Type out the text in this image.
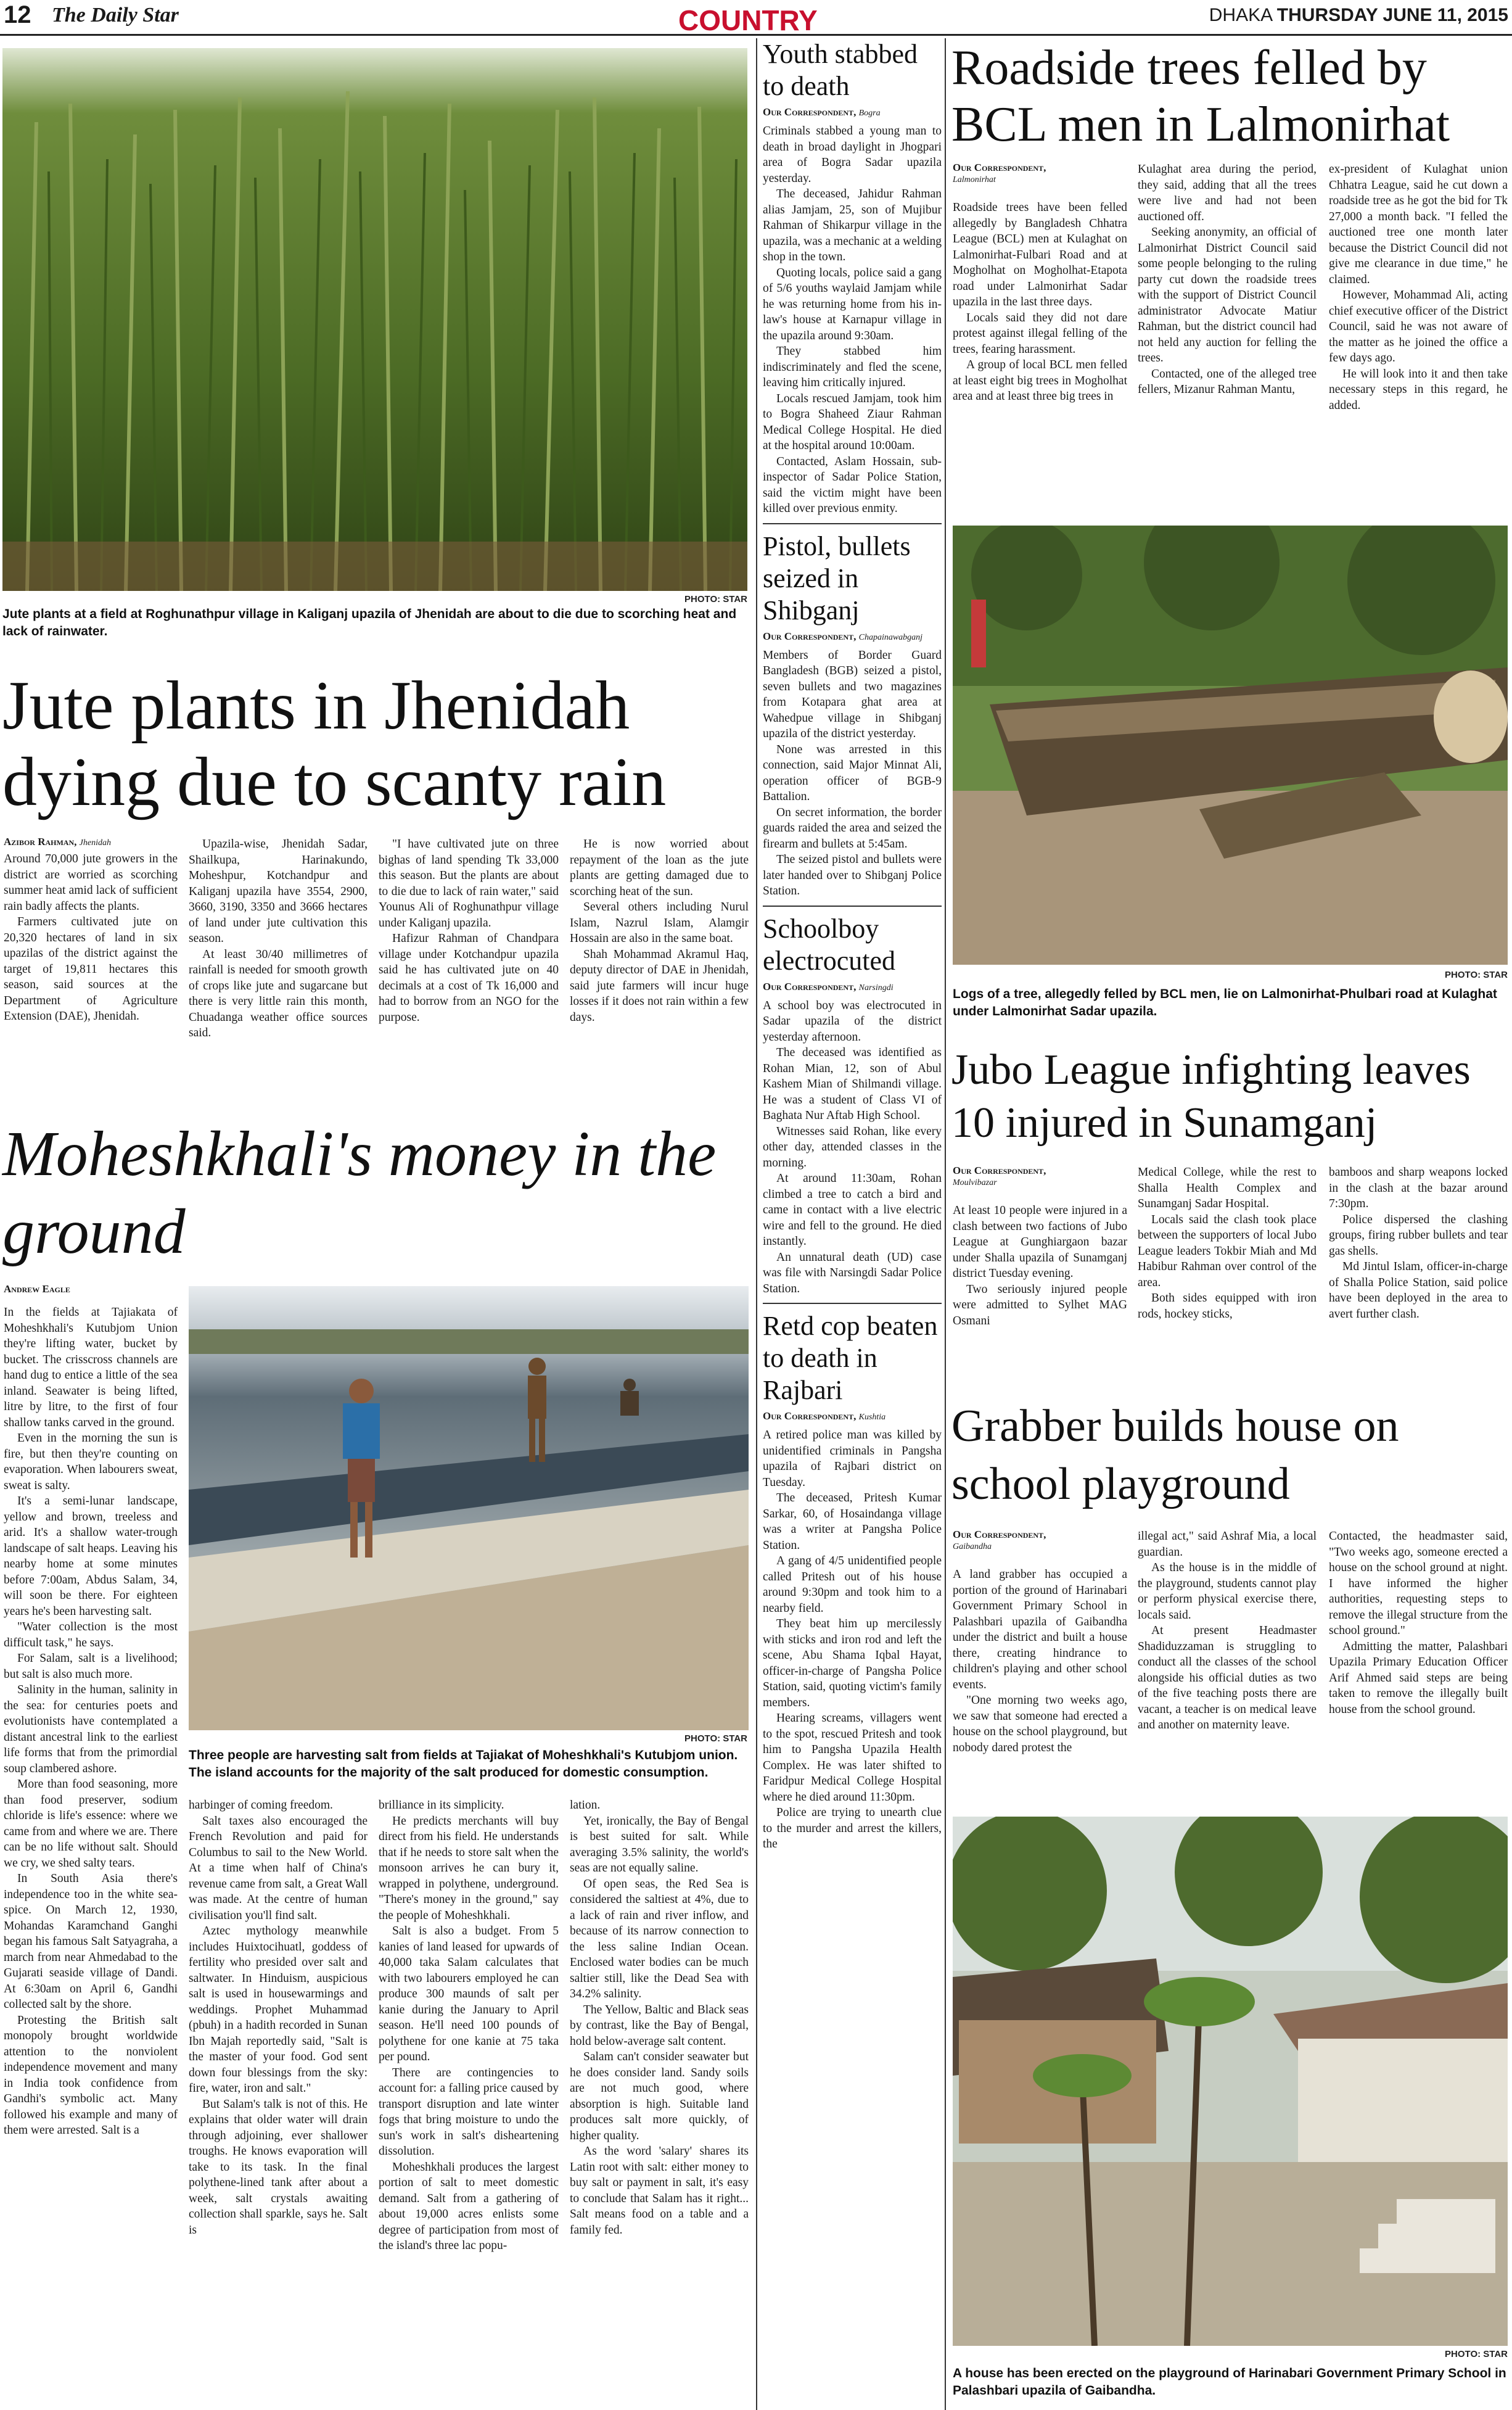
12 The Daily Star	COUNTRY	DHAKA THURSDAY JUNE 11, 2015
PHOTO: STAR
Jute plants at a field at Roghunathpur village in Kaliganj upazila of Jhenidah are about to die due to scorching heat and lack of rainwater.
Jute plants in Jhenidah dying due to scanty rain
Azibor Rahman, Jhenidah

Around 70,000 jute growers in the district are worried as scorching summer heat amid lack of sufficient rain badly affects the plants.

Farmers cultivated jute on 20,320 hectares of land in six upazilas of the district against the target of 19,811 hectares this season, said sources at the Department of Agriculture Extension (DAE), Jhenidah.

Upazila-wise, Jhenidah Sadar, Shailkupa, Harinakundo, Moheshpur, Kotchandpur and Kaliganj upazila have 3554, 2900, 3660, 3190, 3350 and 3666 hectares of land under jute cultivation this season.

At least 30/40 millimetres of rainfall is needed for smooth growth of crops like jute and sugarcane but there is very little rain this month, Chuadanga weather office sources said.

"I have cultivated jute on three bighas of land spending Tk 33,000 this season. But the plants are about to die due to lack of rain water," said Younus Ali of Roghunathpur village under Kaliganj upazila.

Hafizur Rahman of Chandpara village under Kotchandpur upazila said he has cultivated jute on 40 decimals at a cost of Tk 16,000 and had to borrow from an NGO for the purpose.

He is now worried about repayment of the loan as the jute plants are getting damaged due to scorching heat of the sun.

Several others including Nurul Islam, Nazrul Islam, Alamgir Hossain are also in the same boat.

Shah Mohammad Akramul Haq, deputy director of DAE in Jhenidah, said jute farmers will incur huge losses if it does not rain within a few days.

Moheshkhali's money in the ground
Andrew Eagle

In the fields at Tajiakata of Moheshkhali's Kutubjom Union they're lifting water, bucket by bucket. The crisscross channels are hand dug to entice a little of the sea inland. Seawater is being lifted, litre by litre, to the first of four shallow tanks carved in the ground.

Even in the morning the sun is fire, but then they're counting on evaporation. When labourers sweat, sweat is salty.

It's a semi-lunar landscape, yellow and brown, treeless and arid. It's a shallow water-trough landscape of salt heaps. Leaving his nearby home at some minutes before 7:00am, Abdus Salam, 34, will soon be there. For eighteen years he's been harvesting salt.

"Water collection is the most difficult task," he says.

For Salam, salt is a livelihood; but salt is also much more.

Salinity in the human, salinity in the sea: for centuries poets and evolutionists have contemplated a distant ancestral link to the earliest life forms that from the primordial soup clambered ashore.

More than food seasoning, more than food preserver, sodium chloride is life's essence: where we came from and where we are. There can be no life without salt. Should we cry, we shed salty tears.

In South Asia there's independence too in the white sea-spice. On March 12, 1930, Mohandas Karamchand Ganghi began his famous Salt Satyagraha, a march from near Ahmedabad to the Gujarati seaside village of Dandi. At 6:30am on April 6, Gandhi collected salt by the shore.

Protesting the British salt monopoly brought worldwide attention to the nonviolent independence movement and many in India took confidence from Gandhi's symbolic act. Many followed his example and many of them were arrested. Salt is a

PHOTO: STAR
Three people are harvesting salt from fields at Tajiakat of Moheshkhali's Kutubjom union. The island accounts for the majority of the salt produced for domestic consumption.

harbinger of coming freedom.

Salt taxes also encouraged the French Revolution and paid for Columbus to sail to the New World. At a time when half of China's revenue came from salt, a Great Wall was made. At the centre of human civilisation you'll find salt.

Aztec mythology meanwhile includes Huixtocihuatl, goddess of fertility who presided over salt and saltwater. In Hinduism, auspicious salt is used in housewarmings and weddings. Prophet Muhammad (pbuh) in a hadith recorded in Sunan Ibn Majah reportedly said, "Salt is the master of your food. God sent down four blessings from the sky: fire, water, iron and salt."

But Salam's talk is not of this. He explains that older water will drain through adjoining, ever shallower troughs. He knows evaporation will take to its task. In the final polythene-lined tank after about a week, salt crystals awaiting collection shall sparkle, says he. Salt is

brilliance in its simplicity.

He predicts merchants will buy direct from his field. He understands that if he needs to store salt when the monsoon arrives he can bury it, wrapped in polythene, underground. "There's money in the ground," say the people of Moheshkhali.

Salt is also a budget. From 5 kanies of land leased for upwards of 40,000 taka Salam calculates that with two labourers employed he can produce 300 maunds of salt per kanie during the January to April season. He'll need 100 pounds of polythene for one kanie at 75 taka per pound.

There are contingencies to account for: a falling price caused by transport disruption and late winter fogs that bring moisture to undo the sun's work in salt's disheartening dissolution.

Moheshkhali produces the largest portion of salt to meet domestic demand. Salt from a gathering of about 19,000 acres enlists some degree of participation from most of the island's three lac popu-

lation.

Yet, ironically, the Bay of Bengal is best suited for salt. While averaging 3.5% salinity, the world's seas are not equally saline.

Of open seas, the Red Sea is considered the saltiest at 4%, due to a lack of rain and river inflow, and because of its narrow connection to the less saline Indian Ocean. Enclosed water bodies can be much saltier still, like the Dead Sea with 34.2% salinity.

The Yellow, Baltic and Black seas by contrast, like the Bay of Bengal, hold below-average salt content.

Salam can't consider seawater but he does consider land. Sandy soils are not much good, where absorption is high. Suitable land produces salt more quickly, of higher quality.

As the word 'salary' shares its Latin root with salt: either money to buy salt or payment in salt, it's easy to conclude that Salam has it right... Salt means food on a table and a family fed.

Youth stabbed to death
Our Correspondent, Bogra

Criminals stabbed a young man to death in broad daylight in Jhogpari area of Bogra Sadar upazila yesterday.

The deceased, Jahidur Rahman alias Jamjam, 25, son of Mujibur Rahman of Shikarpur village in the upazila, was a mechanic at a welding shop in the town.

Quoting locals, police said a gang of 5/6 youths waylaid Jamjam while he was returning home from his in-law's house at Karnapur village in the upazila around 9:30am.

They stabbed him indiscriminately and fled the scene, leaving him critically injured.

Locals rescued Jamjam, took him to Bogra Shaheed Ziaur Rahman Medical College Hospital. He died at the hospital around 10:00am.

Contacted, Aslam Hossain, sub-inspector of Sadar Police Station, said the victim might have been killed over previous enmity.

Pistol, bullets seized in Shibganj
Our Correspondent, Chapainawabganj

Members of Border Guard Bangladesh (BGB) seized a pistol, seven bullets and two magazines from Kotapara ghat area at Wahedpue village in Shibganj upazila of the district yesterday.

None was arrested in this connection, said Major Minnat Ali, operation officer of BGB-9 Battalion.

On secret information, the border guards raided the area and seized the firearm and bullets at 5:45am.

The seized pistol and bullets were later handed over to Shibganj Police Station.

Schoolboy electrocuted
Our Correspondent, Narsingdi

A school boy was electrocuted in Sadar upazila of the district yesterday afternoon.

The deceased was identified as Rohan Mian, 12, son of Abul Kashem Mian of Shilmandi village. He was a student of Class VI of Baghata Nur Aftab High School.

Witnesses said Rohan, like every other day, attended classes in the morning.

At around 11:30am, Rohan climbed a tree to catch a bird and came in contact with a live electric wire and fell to the ground. He died instantly.

An unnatural death (UD) case was file with Narsingdi Sadar Police Station.

Retd cop beaten to death in Rajbari
Our Correspondent, Kushtia

A retired police man was killed by unidentified criminals in Pangsha upazila of Rajbari district on Tuesday.

The deceased, Pritesh Kumar Sarkar, 60, of Hosaindanga village was a writer at Pangsha Police Station.

A gang of 4/5 unidentified people called Pritesh out of his house around 9:30pm and took him to a nearby field.

They beat him up mercilessly with sticks and iron rod and left the scene, Abu Shama Iqbal Hayat, officer-in-charge of Pangsha Police Station, said, quoting victim's family members.

Hearing screams, villagers went to the spot, rescued Pritesh and took him to Pangsha Upazila Health Complex. He was later shifted to Faridpur Medical College Hospital where he died around 11:30pm.

Police are trying to unearth clue to the murder and arrest the killers, the

Roadside trees felled by BCL men in Lalmonirhat
Our Correspondent,
Lalmonirhat

Roadside trees have been felled allegedly by Bangladesh Chhatra League (BCL) men at Kulaghat on Lalmonirhat-Fulbari Road and at Mogholhat on Mogholhat-Etapota road under Lalmonirhat Sadar upazila in the last three days.

Locals said they did not dare protest against illegal felling of the trees, fearing harassment.

A group of local BCL men felled at least eight big trees in Mogholhat area and at least three big trees in

Kulaghat area during the period, they said, adding that all the trees were live and had not been auctioned off.

Seeking anonymity, an official of Lalmonirhat District Council said some people belonging to the ruling party cut down the roadside trees with the support of District Council administrator Advocate Matiur Rahman, but the district council had not held any auction for felling the trees.

Contacted, one of the alleged tree fellers, Mizanur Rahman Mantu,

ex-president of Kulaghat union Chhatra League, said he cut down a roadside tree as he got the bid for Tk 27,000 a month back. "I felled the auctioned tree one month later because the District Council did not give me clearance in due time," he claimed.

However, Mohammad Ali, acting chief executive officer of the District Council, said he was not aware of the matter as he joined the office a few days ago.

He will look into it and then take necessary steps in this regard, he added.

PHOTO: STAR
Logs of a tree, allegedly felled by BCL men, lie on Lalmonirhat-Phulbari road at Kulaghat under Lalmonirhat Sadar upazila.
Jubo League infighting leaves 10 injured in Sunamganj
Our Correspondent,
Moulvibazar

At least 10 people were injured in a clash between two factions of Jubo League at Gunghiargaon bazar under Shalla upazila of Sunamganj district Tuesday evening.

Two seriously injured people were admitted to Sylhet MAG Osmani

Medical College, while the rest to Shalla Health Complex and Sunamganj Sadar Hospital.

Locals said the clash took place between the supporters of local Jubo League leaders Tokbir Miah and Md Habibur Rahman over control of the area.

Both sides equipped with iron rods, hockey sticks,

bamboos and sharp weapons locked in the clash at the bazar around 7:30pm.

Police dispersed the clashing groups, firing rubber bullets and tear gas shells.

Md Jintul Islam, officer-in-charge of Shalla Police Station, said police have been deployed in the area to avert further clash.

Grabber builds house on school playground
Our Correspondent,
Gaibandha

A land grabber has occupied a portion of the ground of Harinabari Government Primary School in Palashbari upazila of Gaibandha under the district and built a house there, creating hindrance to children's playing and other school events.

"One morning two weeks ago, we saw that someone had erected a house on the school playground, but nobody dared protest the

illegal act," said Ashraf Mia, a local guardian.

As the house is in the middle of the playground, students cannot play or perform physical exercise there, locals said.

At present Headmaster Shadiduzzaman is struggling to conduct all the classes of the school alongside his official duties as two of the five teaching posts there are vacant, a teacher is on medical leave and another on maternity leave.

Contacted, the headmaster said, "Two weeks ago, someone erected a house on the school ground at night. I have informed the higher authorities, requesting steps to remove the illegal structure from the school ground."

Admitting the matter, Palashbari Upazila Primary Education Officer Arif Ahmed said steps are being taken to remove the illegally built house from the school ground.

PHOTO: STAR
A house has been erected on the playground of Harinabari Government Primary School in Palashbari upazila of Gaibandha.
